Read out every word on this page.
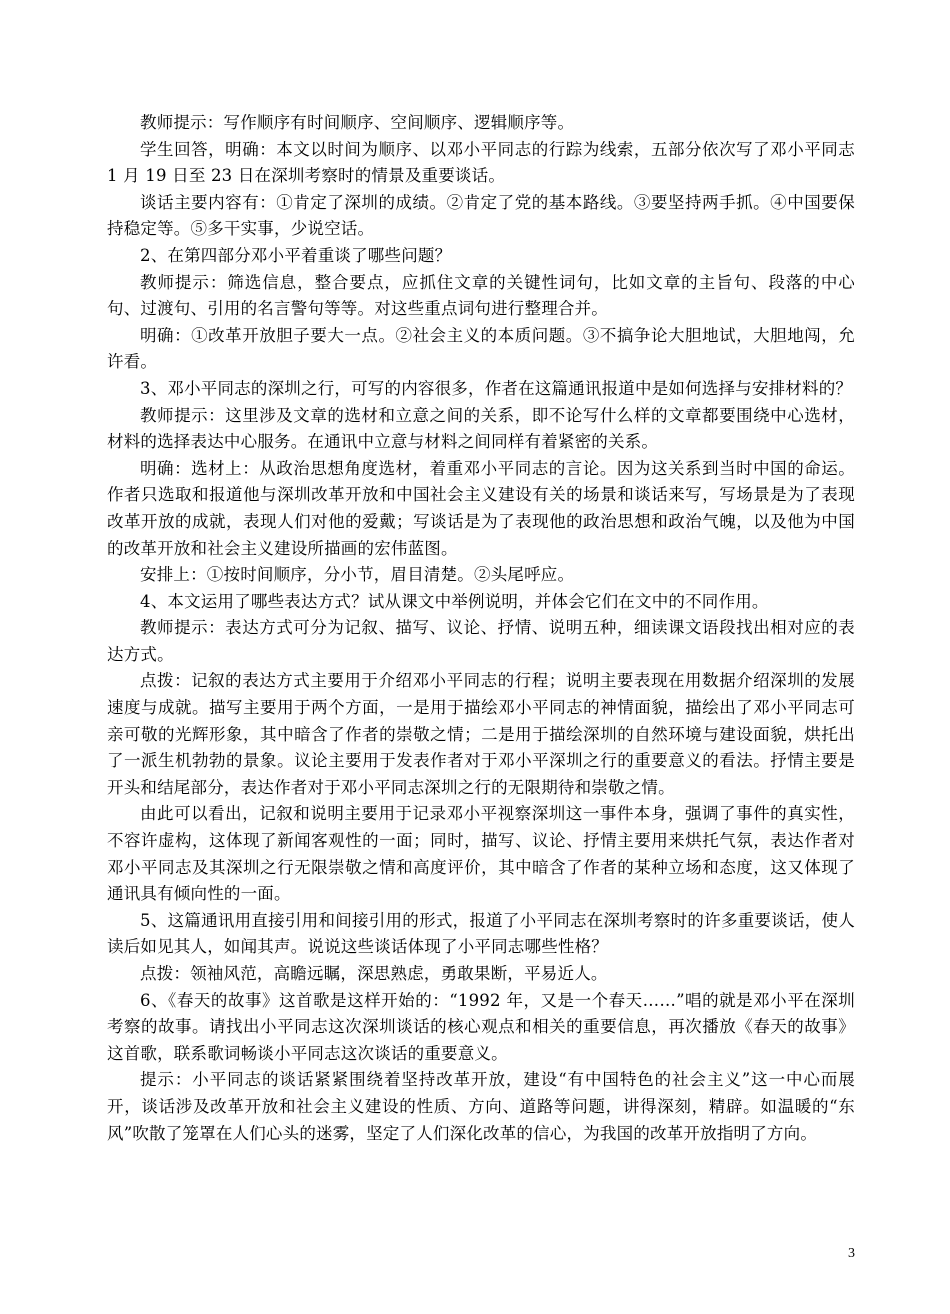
教师提示：写作顺序有时间顺序、空间顺序、逻辑顺序等。

学生回答，明确：本文以时间为顺序、以邓小平同志的行踪为线索，五部分依次写了邓小平同志 1 月 19 日至 23 日在深圳考察时的情景及重要谈话。

谈话主要内容有：①肯定了深圳的成绩。②肯定了党的基本路线。③要坚持两手抓。④中国要保持稳定等。⑤多干实事，少说空话。

2、在第四部分邓小平着重谈了哪些问题？

教师提示：筛选信息，整合要点，应抓住文章的关键性词句，比如文章的主旨句、段落的中心句、过渡句、引用的名言警句等等。对这些重点词句进行整理合并。

明确：①改革开放胆子要大一点。②社会主义的本质问题。③不搞争论大胆地试，大胆地闯，允许看。

3、邓小平同志的深圳之行，可写的内容很多，作者在这篇通讯报道中是如何选择与安排材料的？

教师提示：这里涉及文章的选材和立意之间的关系，即不论写什么样的文章都要围绕中心选材，材料的选择表达中心服务。在通讯中立意与材料之间同样有着紧密的关系。

明确：选材上：从政治思想角度选材，着重邓小平同志的言论。因为这关系到当时中国的命运。作者只选取和报道他与深圳改革开放和中国社会主义建设有关的场景和谈话来写，写场景是为了表现改革开放的成就，表现人们对他的爱戴；写谈话是为了表现他的政治思想和政治气魄，以及他为中国的改革开放和社会主义建设所描画的宏伟蓝图。

安排上：①按时间顺序，分小节，眉目清楚。②头尾呼应。

4、本文运用了哪些表达方式？试从课文中举例说明，并体会它们在文中的不同作用。

教师提示：表达方式可分为记叙、描写、议论、抒情、说明五种，细读课文语段找出相对应的表达方式。

点拨：记叙的表达方式主要用于介绍邓小平同志的行程；说明主要表现在用数据介绍深圳的发展速度与成就。描写主要用于两个方面，一是用于描绘邓小平同志的神情面貌，描绘出了邓小平同志可亲可敬的光辉形象，其中暗含了作者的崇敬之情；二是用于描绘深圳的自然环境与建设面貌，烘托出了一派生机勃勃的景象。议论主要用于发表作者对于邓小平深圳之行的重要意义的看法。抒情主要是开头和结尾部分，表达作者对于邓小平同志深圳之行的无限期待和崇敬之情。

由此可以看出，记叙和说明主要用于记录邓小平视察深圳这一事件本身，强调了事件的真实性，不容许虚构，这体现了新闻客观性的一面；同时，描写、议论、抒情主要用来烘托气氛，表达作者对邓小平同志及其深圳之行无限崇敬之情和高度评价，其中暗含了作者的某种立场和态度，这又体现了通讯具有倾向性的一面。

5、这篇通讯用直接引用和间接引用的形式，报道了小平同志在深圳考察时的许多重要谈话，使人读后如见其人，如闻其声。说说这些谈话体现了小平同志哪些性格？

点拨：领袖风范，高瞻远瞩，深思熟虑，勇敢果断，平易近人。

6、《春天的故事》这首歌是这样开始的：“1992 年，又是一个春天……”唱的就是邓小平在深圳考察的故事。请找出小平同志这次深圳谈话的核心观点和相关的重要信息，再次播放《春天的故事》这首歌，联系歌词畅谈小平同志这次谈话的重要意义。

提示：小平同志的谈话紧紧围绕着坚持改革开放，建设“有中国特色的社会主义”这一中心而展开，谈话涉及改革开放和社会主义建设的性质、方向、道路等问题，讲得深刻，精辟。如温暖的“东风”吹散了笼罩在人们心头的迷雾，坚定了人们深化改革的信心，为我国的改革开放指明了方向。

3
